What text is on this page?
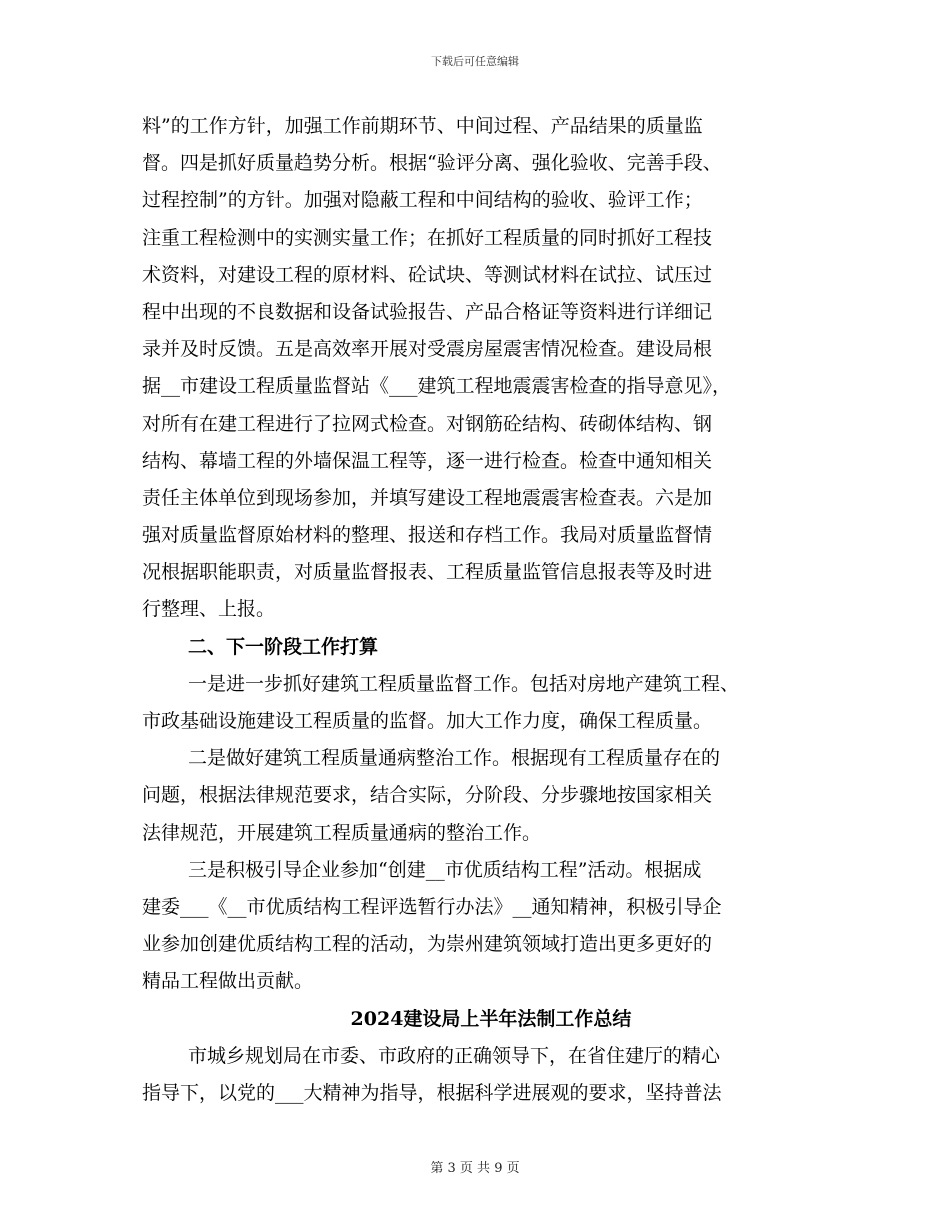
下载后可任意编辑
料”的工作方针，加强工作前期环节、中间过程、产品结果的质量监
督。四是抓好质量趋势分析。根据“验评分离、强化验收、完善手段、
过程控制”的方针。加强对隐蔽工程和中间结构的验收、验评工作；
注重工程检测中的实测实量工作；在抓好工程质量的同时抓好工程技
术资料，对建设工程的原材料、砼试块、等测试材料在试拉、试压过
程中出现的不良数据和设备试验报告、产品合格证等资料进行详细记
录并及时反馈。五是高效率开展对受震房屋震害情况检查。建设局根
据__市建设工程质量监督站《___建筑工程地震震害检查的指导意见》，
对所有在建工程进行了拉网式检查。对钢筋砼结构、砖砌体结构、钢
结构、幕墙工程的外墙保温工程等，逐一进行检查。检查中通知相关
责任主体单位到现场参加，并填写建设工程地震震害检查表。六是加
强对质量监督原始材料的整理、报送和存档工作。我局对质量监督情
况根据职能职责，对质量监督报表、工程质量监管信息报表等及时进
行整理、上报。
二、下一阶段工作打算
一是进一步抓好建筑工程质量监督工作。包括对房地产建筑工程、
市政基础设施建设工程质量的监督。加大工作力度，确保工程质量。
二是做好建筑工程质量通病整治工作。根据现有工程质量存在的
问题，根据法律规范要求，结合实际，分阶段、分步骤地按国家相关
法律规范，开展建筑工程质量通病的整治工作。
三是积极引导企业参加“创建__市优质结构工程”活动。根据成
建委___《__市优质结构工程评选暂行办法》__通知精神，积极引导企
业参加创建优质结构工程的活动，为崇州建筑领域打造出更多更好的
精品工程做出贡献。
2024建设局上半年法制工作总结
市城乡规划局在市委、市政府的正确领导下，在省住建厅的精心
指导下，以党的___大精神为指导，根据科学进展观的要求，坚持普法
第 3 页 共 9 页
